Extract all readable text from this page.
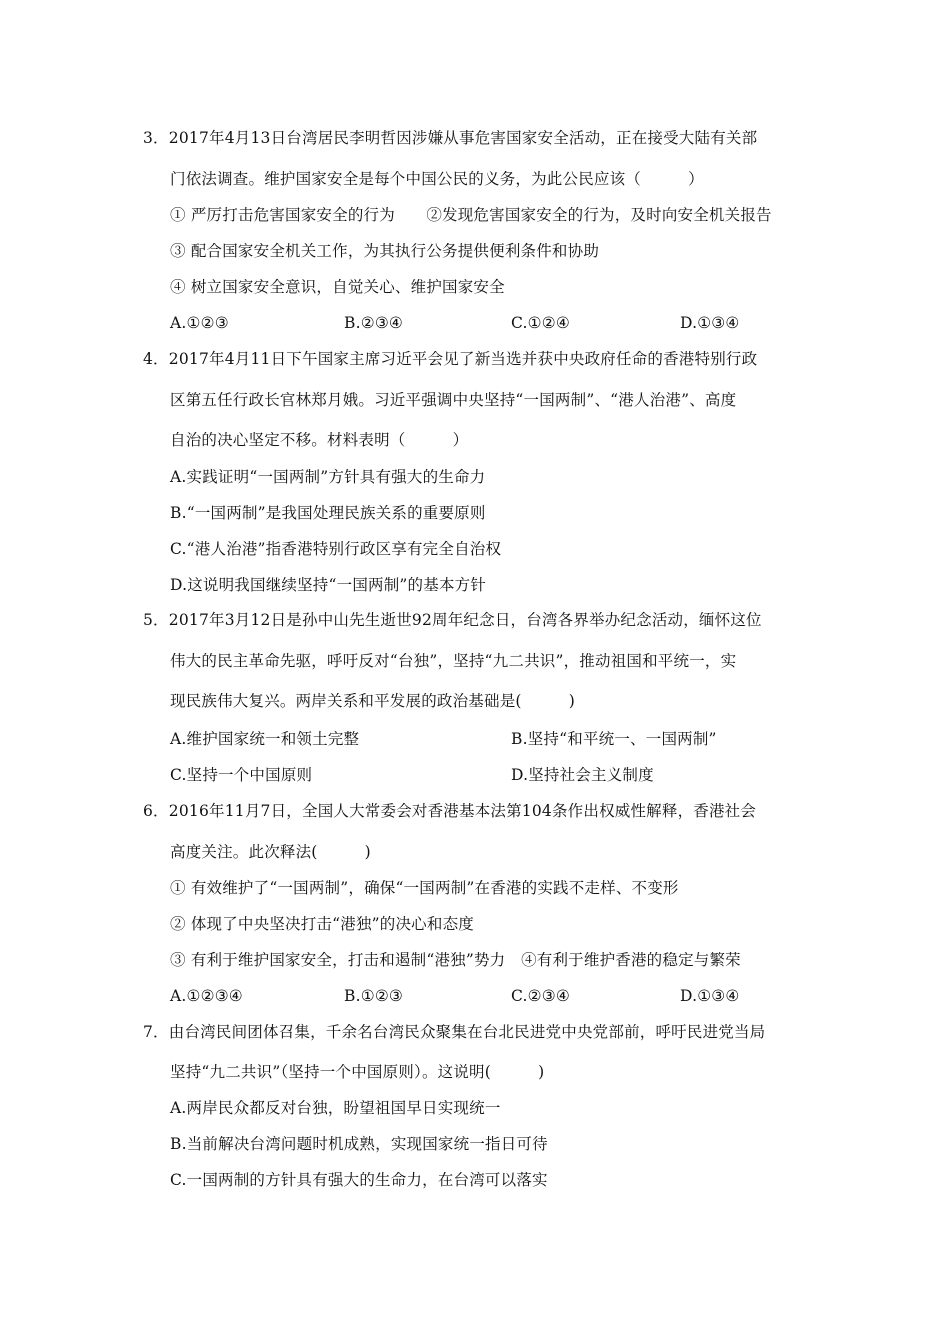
3．2017年4月13日台湾居民李明哲因涉嫌从事危害国家安全活动，正在接受大陆有关部
门依法调查。维护国家安全是每个中国公民的义务，为此公民应该（　　　）
① 严厉打击危害国家安全的行为　　②发现危害国家安全的行为，及时向安全机关报告
③ 配合国家安全机关工作，为其执行公务提供便利条件和协助
④ 树立国家安全意识，自觉关心、维护国家安全
A.①②③	B.②③④	C.①②④	D.①③④
4．2017年4月11日下午国家主席习近平会见了新当选并获中央政府任命的香港特别行政
区第五任行政长官林郑月娥。习近平强调中央坚持“一国两制”、“港人治港”、高度
自治的决心坚定不移。材料表明（　　　）
A.实践证明“一国两制”方针具有强大的生命力
B.“一国两制”是我国处理民族关系的重要原则
C.“港人治港”指香港特别行政区享有完全自治权
D.这说明我国继续坚持“一国两制”的基本方针
5．2017年3月12日是孙中山先生逝世92周年纪念日，台湾各界举办纪念活动，缅怀这位
伟大的民主革命先驱，呼吁反对“台独”，坚持“九二共识”，推动祖国和平统一，实
现民族伟大复兴。两岸关系和平发展的政治基础是(　　　)
A.维护国家统一和领土完整	B.坚持“和平统一、一国两制”
C.坚持一个中国原则	D.坚持社会主义制度
6．2016年11月7日，全国人大常委会对香港基本法第104条作出权威性解释，香港社会
高度关注。此次释法(　　　)
① 有效维护了“一国两制”，确保“一国两制”在香港的实践不走样、不变形
② 体现了中央坚决打击“港独”的决心和态度
③ 有利于维护国家安全，打击和遏制“港独”势力　④有利于维护香港的稳定与繁荣
A.①②③④	B.①②③	C.②③④	D.①③④
7．由台湾民间团体召集，千余名台湾民众聚集在台北民进党中央党部前，呼吁民进党当局
坚持“九二共识”（坚持一个中国原则）。这说明(　　　)
A.两岸民众都反对台独，盼望祖国早日实现统一
B.当前解决台湾问题时机成熟，实现国家统一指日可待
C.一国两制的方针具有强大的生命力，在台湾可以落实
